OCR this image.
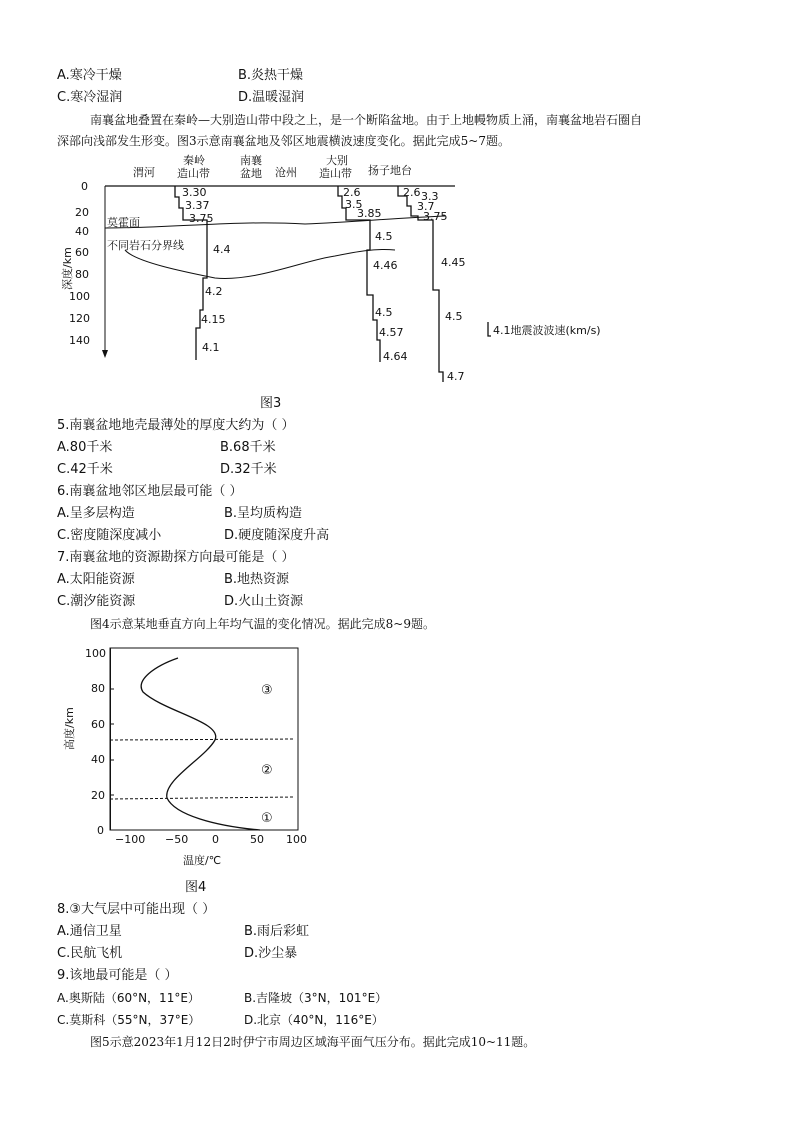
A.寒冷干燥	B.炎热干燥
C.寒冷湿润	D.温暖湿润
南襄盆地叠置在秦岭—大别造山带中段之上，是一个断陷盆地。由于上地幔物质上涌，南襄盆地岩石圈自
深部向浅部发生形变。图3示意南襄盆地及邻区地震横波速度变化。据此完成5~7题。
渭河
秦岭
造山带
南襄
盆地 沧州
大别
造山带 扬子地台
0
20
40
60
80
100
120
140
深度/km
莫霍面
不同岩石分界线
3.30
3.37
3.75
4.4
4.2
4.15
4.1
2.6
3.5
3.85
4.5
4.46
4.5
4.57
4.64
2.6 3.3
3.7
3.75
4.45
4.5
4.7
4.1地震波波速(km/s)
图3
5.南襄盆地地壳最薄处的厚度大约为（ ）
A.80千米	B.68千米
C.42千米	D.32千米
6.南襄盆地邻区地层最可能（ ）
A.呈多层构造	B.呈均质构造
C.密度随深度减小	D.硬度随深度升高
7.南襄盆地的资源勘探方向最可能是（ ）
A.太阳能资源	B.地热资源
C.潮汐能资源	D.火山土资源
图4示意某地垂直方向上年均气温的变化情况。据此完成8~9题。
0
20
40
60
80
100
高度/km
−100 −50 0	50 100
温度/℃
③
②
①
图4
8.③大气层中可能出现（ ）
A.通信卫星	B.雨后彩虹
C.民航飞机	D.沙尘暴
9.该地最可能是（ ）
A.奥斯陆（60°N，11°E）	B.吉隆坡（3°N，101°E）
C.莫斯科（55°N，37°E）	D.北京（40°N，116°E）
图5示意2023年1月12日2时伊宁市周边区域海平面气压分布。据此完成10~11题。
